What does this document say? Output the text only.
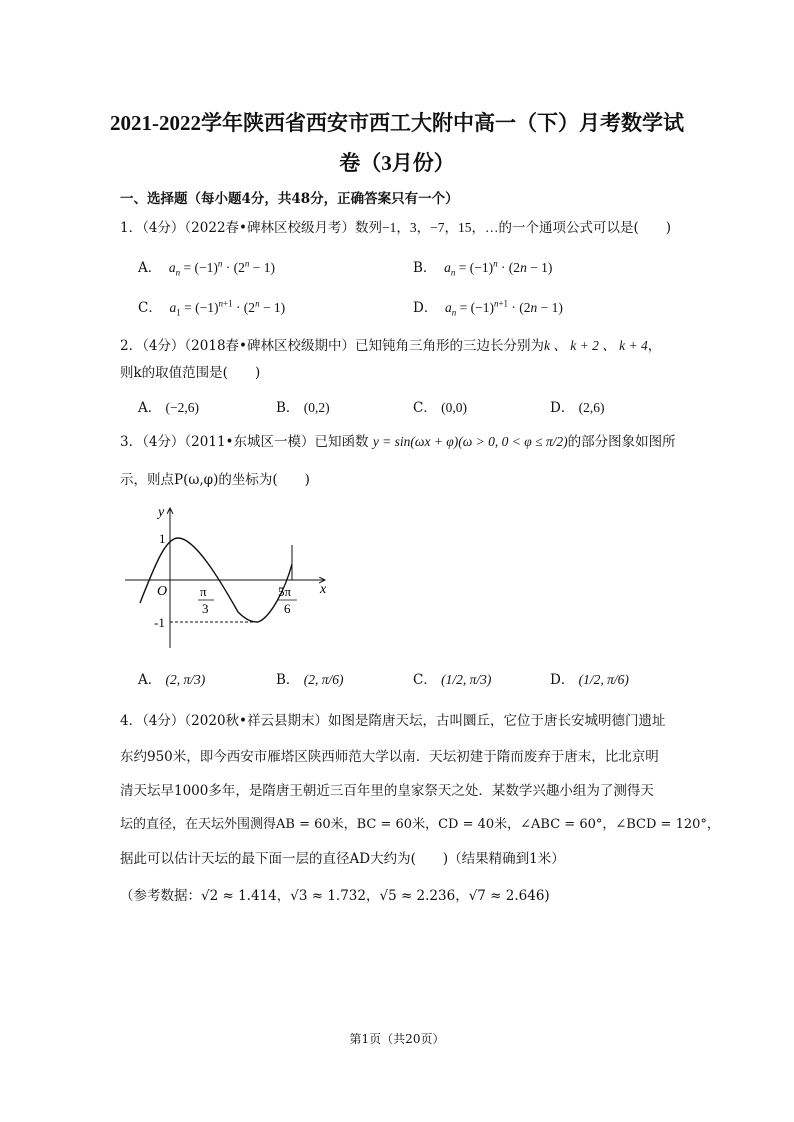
2021-2022学年陕西省西安市西工大附中高一（下）月考数学试
卷（3月份）
一、选择题（每小题4分，共48分，正确答案只有一个）
1．（4分）（2022春•碑林区校级月考）数列−1，3，−7，15，…的一个通项公式可以是(　　)
A． $a_n = (-1)^n \cdot (2^n - 1)$	B． $a_n = (-1)^n \cdot (2n - 1)$
C． $a_1 = (-1)^{n+1} \cdot (2^n - 1)$	D． $a_n = (-1)^{n+1} \cdot (2n - 1)$
2．（4分）（2018春•碑林区校级期中）已知钝角三角形的三边长分别为k 、 k + 2 、 k + 4，
则k的取值范围是(　　)
A． (−2,6)	B． (0,2)	C． (0,0)	D． (2,6)
3．（4分）（2011•东城区一模）已知函数 y = sin(ωx + φ)(ω > 0, 0 < φ ≤ π/2)的部分图象如图所
示，则点P(ω,φ)的坐标为(　　)
y
x
O
1
-1
π
3
5π
6
A． (2, π/3)	B． (2, π/6)	C． (1/2, π/3)	D． (1/2, π/6)
4．（4分）（2020秋•祥云县期末）如图是隋唐天坛，古叫圜丘，它位于唐长安城明德门遗址
东约950米，即今西安市雁塔区陕西师范大学以南．天坛初建于隋而废弃于唐末，比北京明
清天坛早1000多年，是隋唐王朝近三百年里的皇家祭天之处．某数学兴趣小组为了测得天
坛的直径，在天坛外围测得AB = 60米，BC = 60米，CD = 40米，∠ABC = 60°，∠BCD = 120°，
据此可以估计天坛的最下面一层的直径AD大约为(　　)（结果精确到1米）
（参考数据：√2 ≈ 1.414，√3 ≈ 1.732，√5 ≈ 2.236，√7 ≈ 2.646)
第1页（共20页）
